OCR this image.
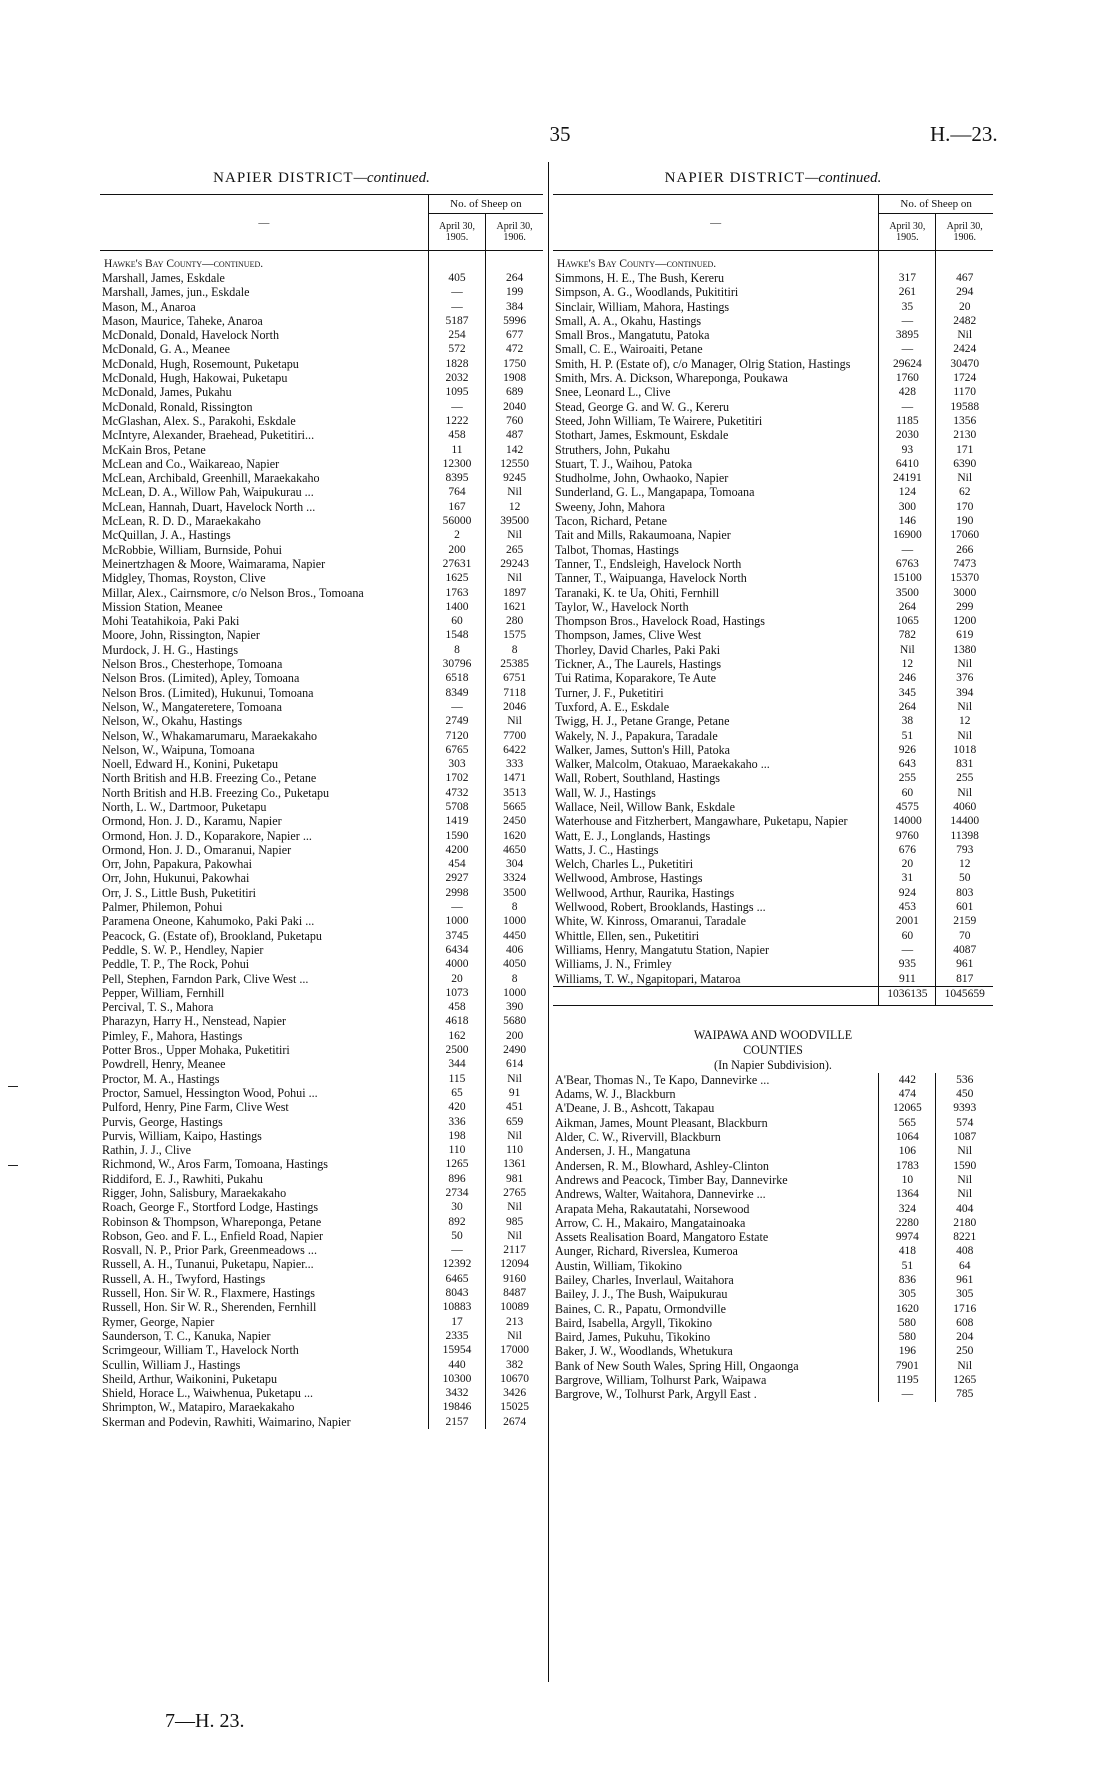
35	H.—23.
NAPIER DISTRICT—continued.
—	No. of Sheep on	
	April 30, 1905.	April 30, 1906.
Hawke's Bay County—continued.		
Marshall, James, Eskdale	405	264
Marshall, James, jun., Eskdale	—	199
Mason, M., Anaroa	—	384
Mason, Maurice, Taheke, Anaroa	5187	5996
McDonald, Donald, Havelock North	254	677
McDonald, G. A., Meanee	572	472
McDonald, Hugh, Rosemount, Puketapu	1828	1750
McDonald, Hugh, Hakowai, Puketapu	2032	1908
McDonald, James, Pukahu	1095	689
McDonald, Ronald, Rissington	—	2040
McGlashan, Alex. S., Parakohi, Eskdale	1222	760
McIntyre, Alexander, Braehead, Puketitiri...	458	487
McKain Bros, Petane	11	142
McLean and Co., Waikareao, Napier	12300	12550
McLean, Archibald, Greenhill, Maraekakaho	8395	9245
McLean, D. A., Willow Pah, Waipukurau ...	764	Nil
McLean, Hannah, Duart, Havelock North ...	167	12
McLean, R. D. D., Maraekakaho	56000	39500
McQuillan, J. A., Hastings	2	Nil
McRobbie, William, Burnside, Pohui	200	265
Meinertzhagen & Moore, Waimarama, Napier	27631	29243
Midgley, Thomas, Royston, Clive	1625	Nil
Millar, Alex., Cairnsmore, c/o Nelson Bros., Tomoana	1763	1897
Mission Station, Meanee	1400	1621
Mohi Teatahikoia, Paki Paki	60	280
Moore, John, Rissington, Napier	1548	1575
Murdock, J. H. G., Hastings	8	8
Nelson Bros., Chesterhope, Tomoana	30796	25385
Nelson Bros. (Limited), Apley, Tomoana	6518	6751
Nelson Bros. (Limited), Hukunui, Tomoana	8349	7118
Nelson, W., Mangateretere, Tomoana	—	2046
Nelson, W., Okahu, Hastings	2749	Nil
Nelson, W., Whakamarumaru, Maraekakaho	7120	7700
Nelson, W., Waipuna, Tomoana	6765	6422
Noell, Edward H., Konini, Puketapu	303	333
North British and H.B. Freezing Co., Petane	1702	1471
North British and H.B. Freezing Co., Puketapu	4732	3513
North, L. W., Dartmoor, Puketapu	5708	5665
Ormond, Hon. J. D., Karamu, Napier	1419	2450
Ormond, Hon. J. D., Koparakore, Napier ...	1590	1620
Ormond, Hon. J. D., Omaranui, Napier	4200	4650
Orr, John, Papakura, Pakowhai	454	304
Orr, John, Hukunui, Pakowhai	2927	3324
Orr, J. S., Little Bush, Puketitiri	2998	3500
Palmer, Philemon, Pohui	—	8
Paramena Oneone, Kahumoko, Paki Paki ...	1000	1000
Peacock, G. (Estate of), Brookland, Puketapu	3745	4450
Peddle, S. W. P., Hendley, Napier	6434	406
Peddle, T. P., The Rock, Pohui	4000	4050
Pell, Stephen, Farndon Park, Clive West ...	20	8
Pepper, William, Fernhill	1073	1000
Percival, T. S., Mahora	458	390
Pharazyn, Harry H., Nenstead, Napier	4618	5680
Pimley, F., Mahora, Hastings	162	200
Potter Bros., Upper Mohaka, Puketitiri	2500	2490
Powdrell, Henry, Meanee	344	614
Proctor, M. A., Hastings	115	Nil
Proctor, Samuel, Hessington Wood, Pohui ...	65	91
Pulford, Henry, Pine Farm, Clive West	420	451
Purvis, George, Hastings	336	659
Purvis, William, Kaipo, Hastings	198	Nil
Rathin, J. J., Clive	110	110
Richmond, W., Aros Farm, Tomoana, Hastings	1265	1361
Riddiford, E. J., Rawhiti, Pukahu	896	981
Rigger, John, Salisbury, Maraekakaho	2734	2765
Roach, George F., Stortford Lodge, Hastings	30	Nil
Robinson & Thompson, Wharepongа, Petane	892	985
Robson, Geo. and F. L., Enfield Road, Napier	50	Nil
Rosvall, N. P., Prior Park, Greenmeadows ...	—	2117
Russell, A. H., Tunanui, Puketapu, Napier...	12392	12094
Russell, A. H., Twyford, Hastings	6465	9160
Russell, Hon. Sir W. R., Flaxmere, Hastings	8043	8487
Russell, Hon. Sir W. R., Sherenden, Fernhill	10883	10089
Rymer, George, Napier	17	213
Saunderson, T. C., Kanuka, Napier	2335	Nil
Scrimgeour, William T., Havelock North	15954	17000
Scullin, William J., Hastings	440	382
Sheild, Arthur, Waikonini, Puketapu	10300	10670
Shield, Horace L., Waiwhenua, Puketapu ...	3432	3426
Shrimpton, W., Matapiro, Maraekakaho	19846	15025
Skerman and Podevin, Rawhiti, Waimarino, Napier	2157	2674
NAPIER DISTRICT—continued.
—	No. of Sheep on	
	April 30, 1905.	April 30, 1906.
Hawke's Bay County—continued.		
Simmons, H. E., The Bush, Kereru	317	467
Simpson, A. G., Woodlands, Pukititiri	261	294
Sinclair, William, Mahora, Hastings	35	20
Small, A. A., Okahu, Hastings	—	2482
Small Bros., Mangatutu, Patoka	3895	Nil
Small, C. E., Wairoaiti, Petane	—	2424
Smith, H. P. (Estate of), c/o Manager, Olrig Station, Hastings	29624	30470
Smith, Mrs. A. Dickson, Wharepongа, Poukawa	1760	1724
Snee, Leonard L., Clive	428	1170
Stead, George G. and W. G., Kereru	—	19588
Steed, John William, Te Wairere, Puketitiri	1185	1356
Stothart, James, Eskmount, Eskdale	2030	2130
Struthers, John, Pukahu	93	171
Stuart, T. J., Waihou, Patoka	6410	6390
Studholme, John, Owhaoko, Napier	24191	Nil
Sunderland, G. L., Mangapapa, Tomoana	124	62
Sweeny, John, Mahora	300	170
Tacon, Richard, Petane	146	190
Tait and Mills, Rakaumoana, Napier	16900	17060
Talbot, Thomas, Hastings	—	266
Tanner, T., Endsleigh, Havelock North	6763	7473
Tanner, T., Waipuanga, Havelock North	15100	15370
Taranaki, K. te Ua, Ohiti, Fernhill	3500	3000
Taylor, W., Havelock North	264	299
Thompson Bros., Havelock Road, Hastings	1065	1200
Thompson, James, Clive West	782	619
Thorley, David Charles, Paki Paki	Nil	1380
Tickner, A., The Laurels, Hastings	12	Nil
Tui Ratima, Koparakore, Te Aute	246	376
Turner, J. F., Puketitiri	345	394
Tuxford, A. E., Eskdale	264	Nil
Twigg, H. J., Petane Grange, Petane	38	12
Wakely, N. J., Papakura, Taradale	51	Nil
Walker, James, Sutton's Hill, Patoka	926	1018
Walker, Malcolm, Otakuao, Maraekakaho ...	643	831
Wall, Robert, Southland, Hastings	255	255
Wall, W. J., Hastings	60	Nil
Wallace, Neil, Willow Bank, Eskdale	4575	4060
Waterhouse and Fitzherbert, Mangawhare, Puketapu, Napier	14000	14400
Watt, E. J., Longlands, Hastings	9760	11398
Watts, J. C., Hastings	676	793
Welch, Charles L., Puketitiri	20	12
Wellwood, Ambrose, Hastings	31	50
Wellwood, Arthur, Raurika, Hastings	924	803
Wellwood, Robert, Brooklands, Hastings ...	453	601
White, W. Kinross, Omaranui, Taradale	2001	2159
Whittle, Ellen, sen., Puketitiri	60	70
Williams, Henry, Mangatutu Station, Napier	—	4087
Williams, J. N., Frimley	935	961
Williams, T. W., Ngapitopari, Mataroa	911	817
	1036135	1045659

WAIPAWA AND WOODVILLE		
COUNTIES		
(In Napier Subdivision).		
A'Bear, Thomas N., Te Kapo, Dannevirke ...	442	536
Adams, W. J., Blackburn	474	450
A'Deane, J. B., Ashcott, Takapau	12065	9393
Aikman, James, Mount Pleasant, Blackburn	565	574
Alder, C. W., Rivervill, Blackburn	1064	1087
Andersen, J. H., Mangatuna	106	Nil
Andersen, R. M., Blowhard, Ashley-Clinton	1783	1590
Andrews and Peacock, Timber Bay, Dannevirke	10	Nil
Andrews, Walter, Waitahora, Dannevirke ...	1364	Nil
Arapata Meha, Rakautatahi, Norsewood	324	404
Arrow, C. H., Makairo, Mangatainoaka	2280	2180
Assets Realisation Board, Mangatoro Estate	9974	8221
Aunger, Richard, Riverslea, Kumeroa	418	408
Austin, William, Tikokino	51	64
Bailey, Charles, Inverlaul, Waitahora	836	961
Bailey, J. J., The Bush, Waipukurau	305	305
Baines, C. R., Papatu, Ormondville	1620	1716
Baird, Isabella, Argyll, Tikokino	580	608
Baird, James, Pukuhu, Tikokino	580	204
Baker, J. W., Woodlands, Whetukura	196	250
Bank of New South Wales, Spring Hill, Ongaonga	7901	Nil
Bargrove, William, Tolhurst Park, Waipawa	1195	1265
Bargrove, W., Tolhurst Park, Argyll East .	—	785
7—H. 23.
